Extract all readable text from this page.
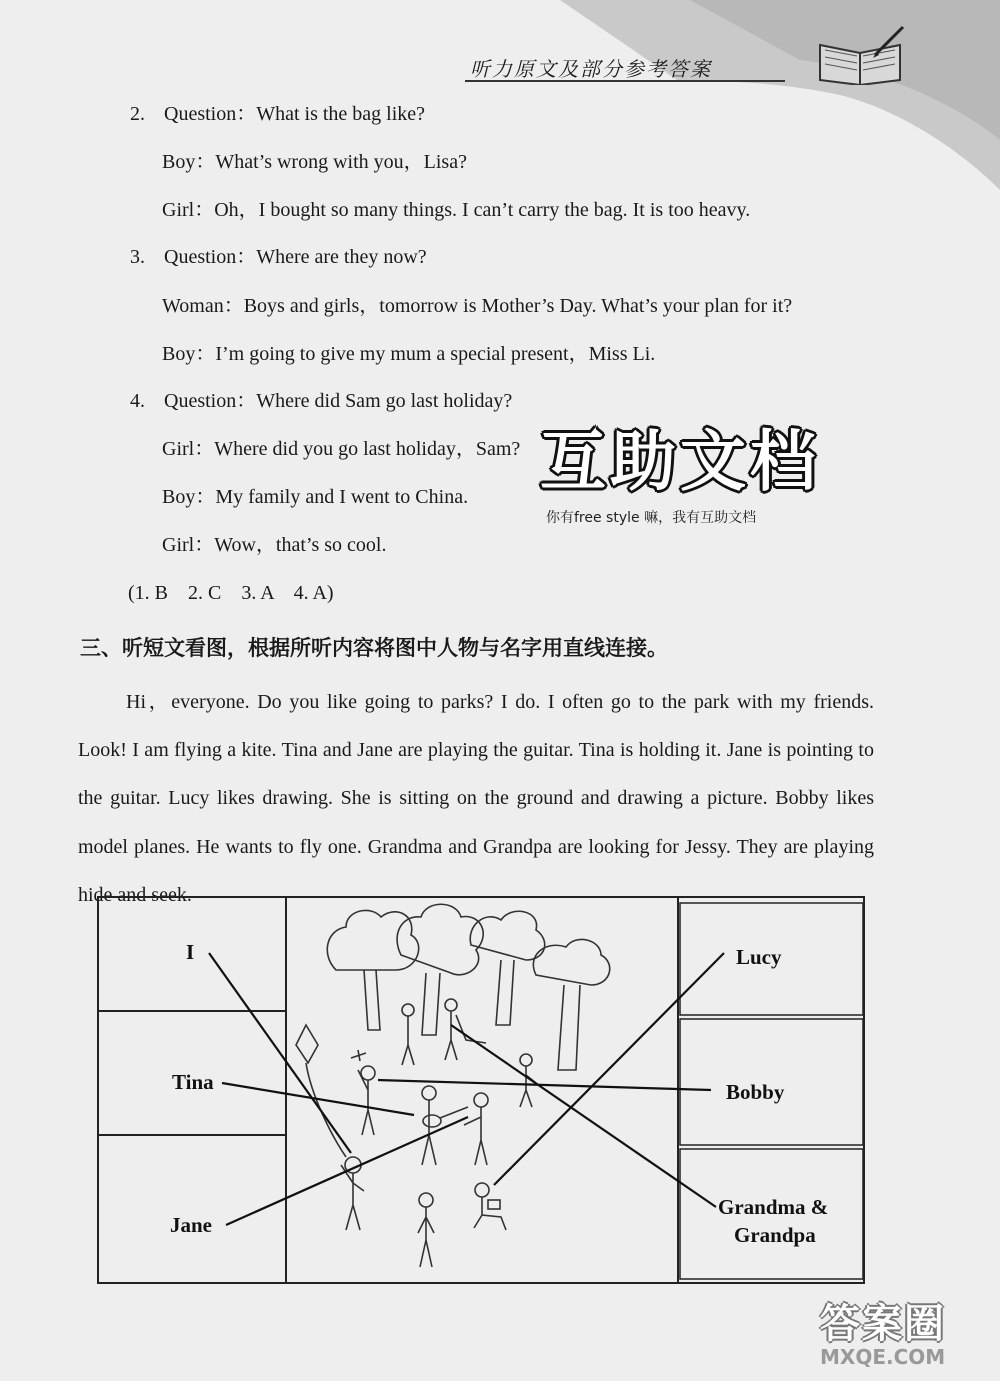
听力原文及部分参考答案
2. Question：What is the bag like?
Boy：What’s wrong with you，Lisa?
Girl：Oh，I bought so many things. I can’t carry the bag. It is too heavy.
3. Question：Where are they now?
Woman：Boys and girls，tomorrow is Mother’s Day. What’s your plan for it?
Boy：I’m going to give my mum a special present，Miss Li.
4. Question：Where did Sam go last holiday?
Girl：Where did you go last holiday，Sam?
Boy：My family and I went to China.
Girl：Wow，that’s so cool.
(1. B　2. C　3. A　4. A)
互助文档
你有free style 嘛，我有互助文档
三、听短文看图，根据所听内容将图中人物与名字用直线连接。

Hi，everyone. Do you like going to parks? I do. I often go to the park with my friends. Look! I am flying a kite. Tina and Jane are playing the guitar. Tina is holding it. Jane is pointing to the guitar. Lucy likes drawing. She is sitting on the ground and drawing a picture. Bobby likes model planes. He wants to fly one. Grandma and Grandpa are looking for Jessy. They are playing hide and seek.

I
Tina
Jane
Lucy
Bobby
Grandma &
Grandpa
答案圈
MXQE.COM
